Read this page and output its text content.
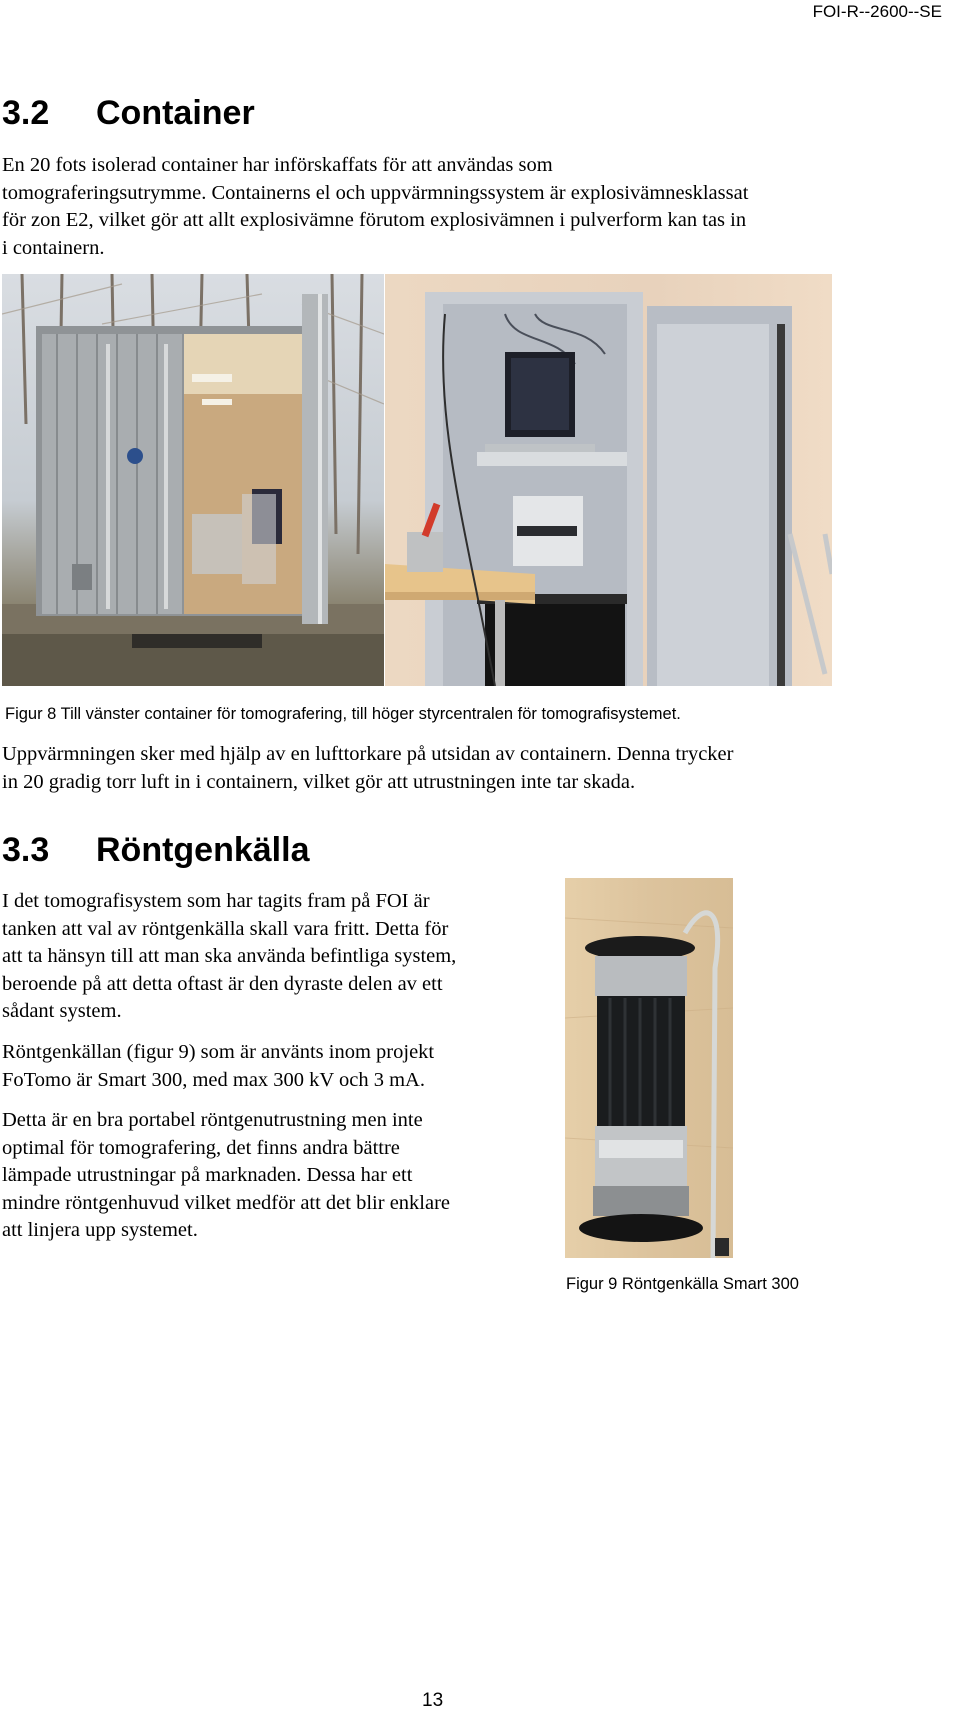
FOI-R--2600--SE
3.2 Container
En 20 fots isolerad container har införskaffats för att användas som
tomograferingsutrymme. Containerns el och uppvärmningssystem är explosivämnesklassat
för zon E2, vilket gör att allt explosivämne förutom explosivämnen i pulverform kan tas in
i containern.
Figur 8 Till vänster container för tomografering, till höger styrcentralen för tomografisystemet.
Uppvärmningen sker med hjälp av en lufttorkare på utsidan av containern. Denna trycker
in 20 gradig torr luft in i containern, vilket gör att utrustningen inte tar skada.
3.3 Röntgenkälla
I det tomografisystem som har tagits fram på FOI är
tanken att val av röntgenkälla skall vara fritt. Detta för
att ta hänsyn till att man ska använda befintliga system,
beroende på att detta oftast är den dyraste delen av ett
sådant system.
Röntgenkällan (figur 9) som är använts inom projekt
FoTomo är Smart 300, med max 300 kV och 3 mA.
Detta är en bra portabel röntgenutrustning men inte
optimal för tomografering, det finns andra bättre
lämpade utrustningar på marknaden. Dessa har ett
mindre röntgenhuvud vilket medför att det blir enklare
att linjera upp systemet.
Figur 9 Röntgenkälla Smart 300
13
